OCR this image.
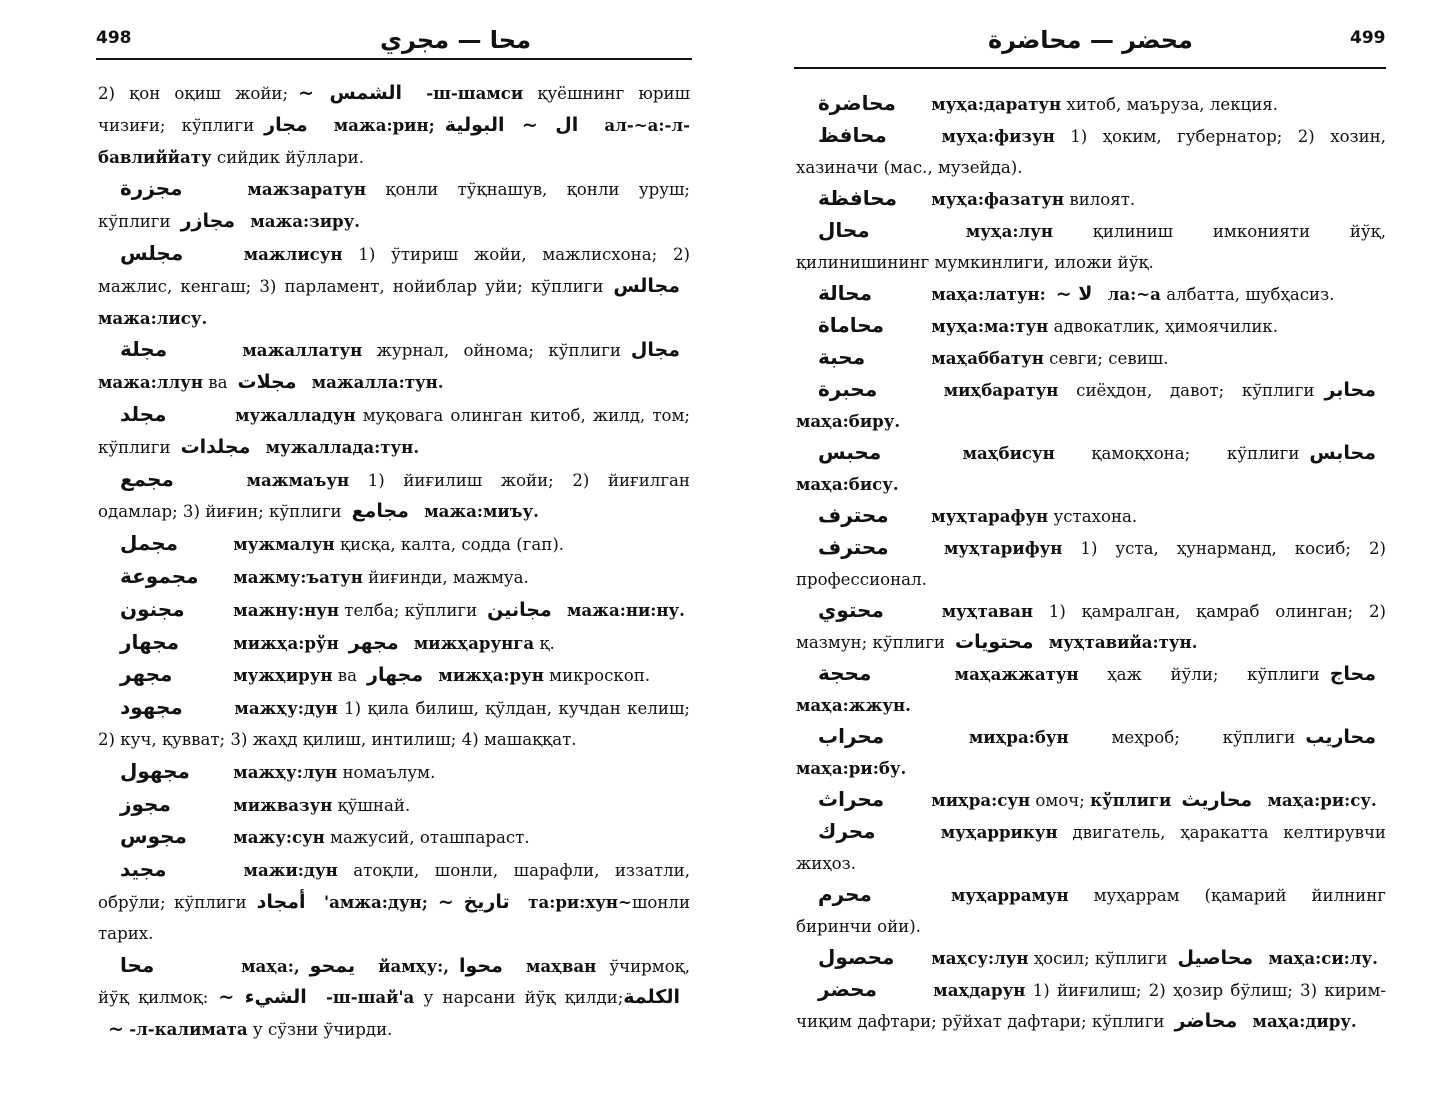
498	محا — مجري

2) қон оқиш жойи; الشمس ~ -ш-шамси қуёшнинг юриш чизиғи; кўплиги مجار мажа:рин; ال ~ البولية ал-~а:-л-бавлиййату сийдик йўллари.

مجزرة	мажзаратун қонли тўқнашув, қонли уруш; кўплиги مجازر мажа:зиру.

مجلس	мажлисун 1) ўтириш жойи, мажлисхона; 2) мажлис, кенгаш; 3) парламент, нойиблар уйи; кўплиги مجالس мажа:лису.

مجلة	мажаллатун журнал, ойнома; кўплиги مجال мажа:ллун ва مجلات мажалла:тун.

مجلد	мужалладун муқовага олинган китоб, жилд, том; кўплиги مجلدات мужаллада:тун.

مجمع	мажмаъун 1) йиғилиш жойи; 2) йиғилган одамлар; 3) йиғин; кўплиги مجامع мажа:миъу.

مجمل	мужмалун қисқа, калта, содда (гап).

مجموعة мажму:ъатун йиғинди, мажмуа.

مجنون	мажну:нун телба; кўплиги مجانين мажа:ни:ну.

مجهار	мижҳа:рўн مجهر мижҳарунга қ.

مجهر	мужҳирун ва مجهار мижҳа:рун микроскоп.

مجهود	мажҳу:дун 1) қила билиш, қўлдан, кучдан келиш; 2) куч, қувват; 3) жаҳд қилиш, интилиш; 4) машаққат.

مجهول	мажҳу:лун номаълум.

مجوز	мижвазун қўшнай.

مجوس	мажу:сун мажусий, оташпараст.

مجيد	мажи:дун атоқли, шонли, шарафли, иззатли, обрўли; кўплиги أمجاد 'амжа:дун; تاريخ ~ та:ри:хун~шонли тарих.

محا	маҳа:, يمحو йамҳу:, محوا маҳван ўчирмоқ, йўқ қилмоқ: الشيء ~ -ш-шай'а у нарсани йўқ қилди;الكلمة ~ -л-калимата у сўзни ўчирди.

499
محضر — محاضرة

محاضرة муҳа:даратун хитоб, маъруза, лекция.

محافظ	муҳа:физун 1) ҳоким, губернатор; 2) хозин, хазиначи (мас., музейда).

محافظة муҳа:фазатун вилоят.

محال	муҳа:лун қилиниш имконияти йўқ, қилинишининг мумкинлиги, иложи йўқ.

محالة	маҳа:латун: لا ~ ла:~а албатта, шубҳасиз.

محاماة	муҳа:ма:тун адвокатлик, ҳимоячилик.

محبة	маҳаббатун севги; севиш.

محبرة	миҳбаратун сиёҳдон, давот; кўплиги محابر маҳа:биру.

محبس	маҳбисун қамоқхона; кўплиги محابس маҳа:бису.

محترف	муҳтарафун устахона.

محترف	муҳтарифун 1) уста, ҳунарманд, косиб; 2) профессионал.

محتوي	муҳтаван 1) қамралган, қамраб олинган; 2) мазмун; кўплиги محتويات муҳтавийа:тун.

محجة	маҳажжатун ҳаж йўли; кўплиги محاج маҳа:жжун.

محراب	миҳра:бун меҳроб; кўплиги محاريب маҳа:ри:бу.

محراث	миҳра:сун омоч; кўплиги محاريث маҳа:ри:су.

محرك	муҳаррикун двигатель, ҳаракатта келтирувчи жиҳоз.

محرم	муҳаррамун муҳаррам (қамарий йилнинг биринчи ойи).

محصول маҳсу:лун ҳосил; кўплиги محاصيل маҳа:си:лу.

محضر	маҳдарун 1) йиғилиш; 2) ҳозир бўлиш; 3) кирим-чиқим дафтари; рўйхат дафтари; кўплиги محاضر маҳа:диру.
